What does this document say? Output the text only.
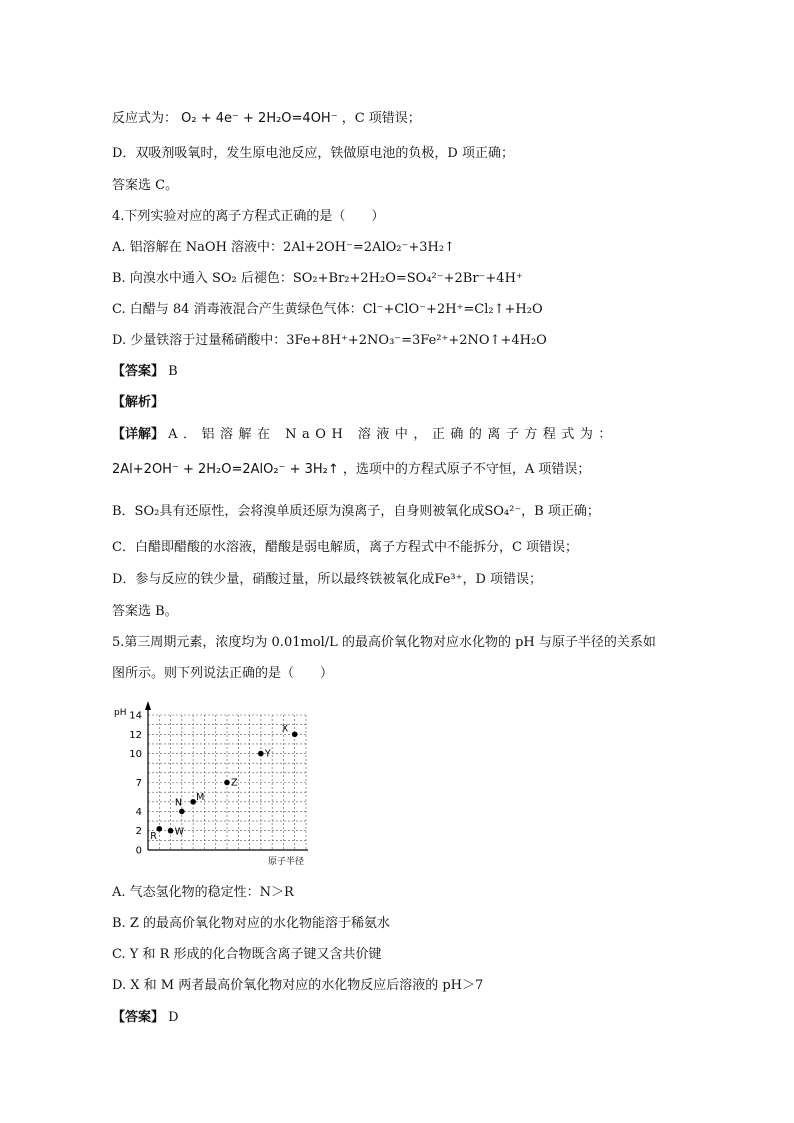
反应式为： O₂ + 4e⁻ + 2H₂O=4OH⁻ ，C 项错误；
D．双吸剂吸氧时，发生原电池反应，铁做原电池的负极，D 项正确；
答案选 C。
4.下列实验对应的离子方程式正确的是（　　）
A. 铝溶解在 NaOH 溶液中：2Al+2OH⁻=2AlO₂⁻+3H₂↑
B. 向溴水中通入 SO₂ 后褪色：SO₂+Br₂+2H₂O=SO₄²⁻+2Br⁻+4H⁺
C. 白醋与 84 消毒液混合产生黄绿色气体：Cl⁻+ClO⁻+2H⁺=Cl₂↑+H₂O
D. 少量铁溶于过量稀硝酸中：3Fe+8H⁺+2NO₃⁻=3Fe²⁺+2NO↑+4H₂O
【答案】 B
【解析】
【详解】 A．铝溶解在 NaOH 溶液中，正确的离子方程式为：
2Al+2OH⁻ + 2H₂O=2AlO₂⁻ + 3H₂↑ ，选项中的方程式原子不守恒，A 项错误；
B．SO₂具有还原性，会将溴单质还原为溴离子，自身则被氧化成SO₄²⁻，B 项正确；
C．白醋即醋酸的水溶液，醋酸是弱电解质，离子方程式中不能拆分，C 项错误；
D．参与反应的铁少量，硝酸过量，所以最终铁被氧化成Fe³⁺，D 项错误；
答案选 B。
5.第三周期元素，浓度均为 0.01mol/L 的最高价氧化物对应水化物的 pH 与原子半径的关系如
图所示。则下列说法正确的是（　　）
pH
原子半径
0
2
4
7
10
12
14
R W
N
M
Z
Y
X
A. 气态氢化物的稳定性：N＞R
B. Z 的最高价氧化物对应的水化物能溶于稀氨水
C. Y 和 R 形成的化合物既含离子键又含共价键
D. X 和 M 两者最高价氧化物对应的水化物反应后溶液的 pH＞7
【答案】 D
